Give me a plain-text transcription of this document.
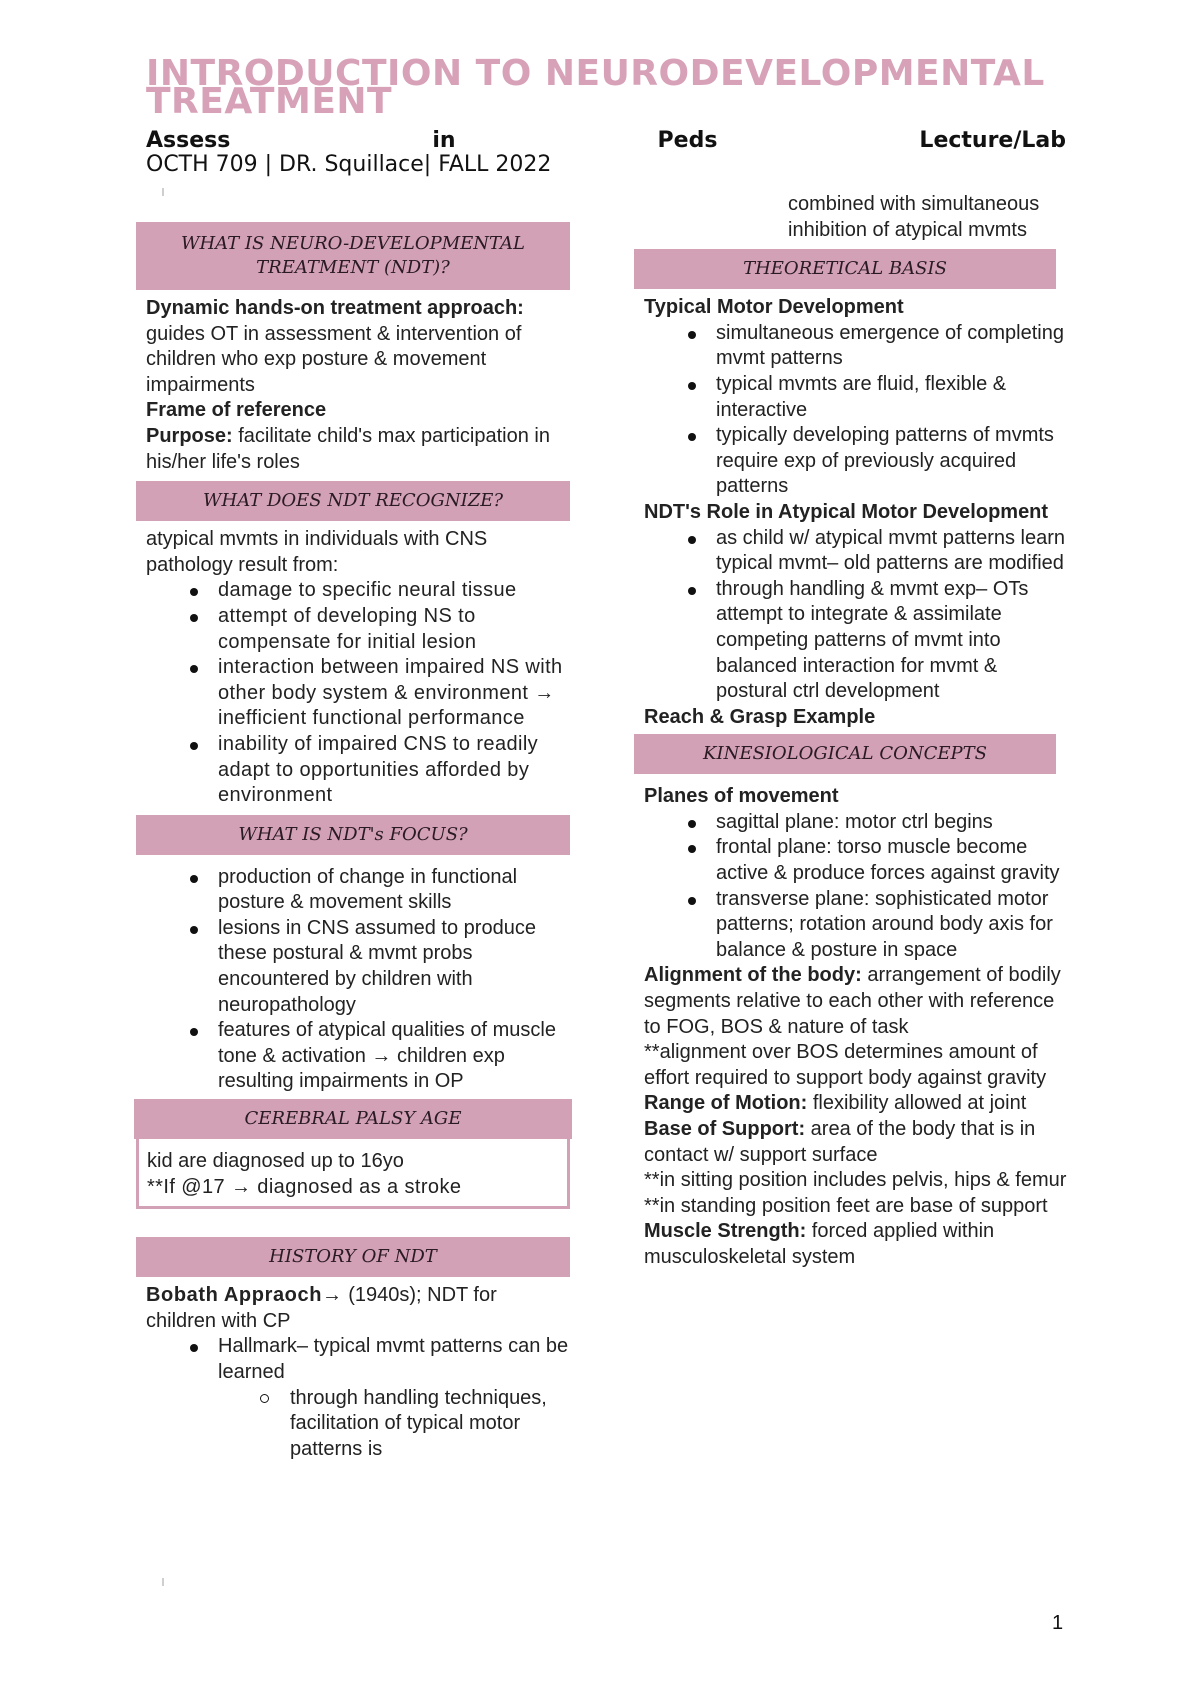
INTRODUCTION TO NEURODEVELOPMENTAL TREATMENT
Assess	in	Peds	Lecture/Lab
OCTH 709 | DR. Squillace| FALL 2022
WHAT IS NEURO-DEVELOPMENTAL TREATMENT (NDT)?

Dynamic hands-on treatment approach: guides OT in assessment & intervention of children who exp posture & movement impairments

Frame of reference

Purpose: facilitate child's max participation in his/her life's roles

WHAT DOES NDT RECOGNIZE?

atypical mvmts in individuals with CNS pathology result from:

damage to specific neural tissue
attempt of developing NS to compensate for initial lesion
interaction between impaired NS with other body system & environment → inefficient functional performance
inability of impaired CNS to readily adapt to opportunities afforded by environment
WHAT IS NDT's FOCUS?
production of change in functional posture & movement skills
lesions in CNS assumed to produce these postural & mvmt probs encountered by children with neuropathology
features of atypical qualities of muscle tone & activation → children exp resulting impairments in OP
CEREBRAL PALSY AGE
kid are diagnosed up to 16yo
**If @17 → diagnosed as a stroke
HISTORY OF NDT

Bobath Appraoch→ (1940s); NDT for children with CP

Hallmark– typical mvmt patterns can be learned
through handling techniques, facilitation of typical motor patterns is

combined with simultaneous inhibition of atypical mvmts

THEORETICAL BASIS

Typical Motor Development

simultaneous emergence of completing mvmt patterns
typical mvmts are fluid, flexible & interactive
typically developing patterns of mvmts require exp of previously acquired patterns

NDT's Role in Atypical Motor Development

as child w/ atypical mvmt patterns learn typical mvmt– old patterns are modified
through handling & mvmt exp– OTs attempt to integrate & assimilate competing patterns of mvmt into balanced interaction for mvmt & postural ctrl development

Reach & Grasp Example

KINESIOLOGICAL CONCEPTS

Planes of movement

sagittal plane: motor ctrl begins
frontal plane: torso muscle become active & produce forces against gravity
transverse plane: sophisticated motor patterns; rotation around body axis for balance & posture in space

Alignment of the body: arrangement of bodily segments relative to each other with reference to FOG, BOS & nature of task

**alignment over BOS determines amount of effort required to support body against gravity

Range of Motion: flexibility allowed at joint

Base of Support: area of the body that is in contact w/ support surface

**in sitting position includes pelvis, hips & femur

**in standing position feet are base of support

Muscle Strength: forced applied within musculoskeletal system

1
